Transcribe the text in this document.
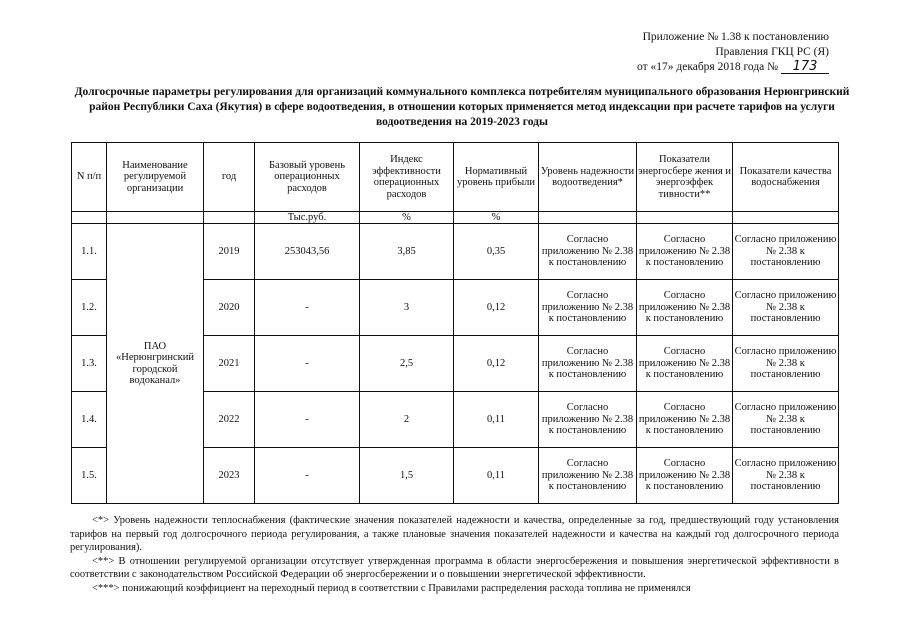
Приложение № 1.38 к постановлению
Правления ГКЦ РС (Я)
от «17» декабря 2018 года № 173
Долгосрочные параметры регулирования для организаций коммунального комплекса потребителям муниципального образования Нерюнгринский район Республики Саха (Якутия) в сфере водоотведения, в отношении которых применяется метод индексации при расчете тарифов на услуги водоотведения на 2019-2023 годы
N п/п	Наименование регулируемой организации	год	Базовый уровень операционных расходов	Индекс эффективности операционных расходов	Нормативный уровень прибыли	Уровень надежности водоотведения*	Показатели энергосбере жения и энергоэффек тивности**	Показатели качества водоснабжения
			Тыс.руб.	%	%			
1.1.	ПАО «Нерюнгринский городской водоканал»	2019	253043,56	3,85	0,35	Согласно приложению № 2.38 к постановлению	Согласно приложению № 2.38 к постановлению	Согласно приложению № 2.38 к постановлению
1.2.		2020	-	3	0,12	Согласно приложению № 2.38 к постановлению	Согласно приложению № 2.38 к постановлению	Согласно приложению № 2.38 к постановлению
1.3.		2021	-	2,5	0,12	Согласно приложению № 2.38 к постановлению	Согласно приложению № 2.38 к постановлению	Согласно приложению № 2.38 к постановлению
1.4.		2022	-	2	0,11	Согласно приложению № 2.38 к постановлению	Согласно приложению № 2.38 к постановлению	Согласно приложению № 2.38 к постановлению
1.5.		2023	-	1,5	0,11	Согласно приложению № 2.38 к постановлению	Согласно приложению № 2.38 к постановлению	Согласно приложению № 2.38 к постановлению

<*> Уровень надежности теплоснабжения (фактические значения показателей надежности и качества, определенные за год, предшествующий году установления тарифов на первый год долгосрочного периода регулирования, а также плановые значения показателей надежности и качества на каждый год долгосрочного периода регулирования).

<**> В отношении регулируемой организации отсутствует утвержденная программа в области энергосбережения и повышения энергетической эффективности в соответствии с законодательством Российской Федерации об энергосбережении и о повышении энергетической эффективности.

<***> понижающий коэффициент на переходный период в соответствии с Правилами распределения расхода топлива не применялся
